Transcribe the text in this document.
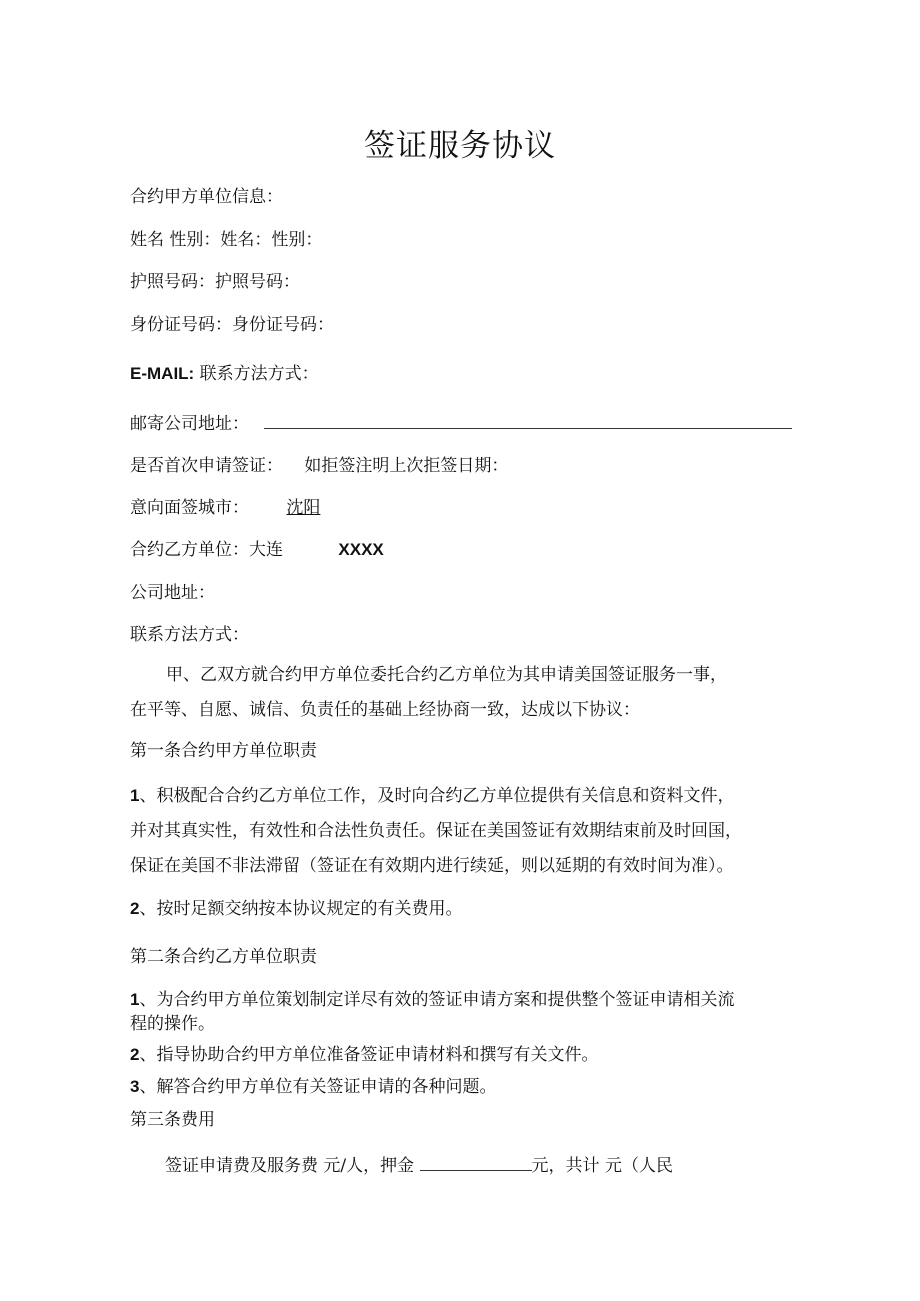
签证服务协议
合约甲方单位信息：
姓名 性别：姓名：性别：
护照号码：护照号码：
身份证号码：身份证号码：
E-MAIL: 联系方法方式：
邮寄公司地址：
是否首次申请签证： 如拒签注明上次拒签日期：
意向面签城市： 沈阳
合约乙方单位：大连	XXXX
公司地址：
联系方法方式：
甲、乙双方就合约甲方单位委托合约乙方单位为其申请美国签证服务一事，
在平等、自愿、诚信、负责任的基础上经协商一致，达成以下协议：
第一条合约甲方单位职责
1、积极配合合约乙方单位工作，及时向合约乙方单位提供有关信息和资料文件，
并对其真实性，有效性和合法性负责任。保证在美国签证有效期结束前及时回国，
保证在美国不非法滞留（签证在有效期内进行续延，则以延期的有效时间为准）。
2、按时足额交纳按本协议规定的有关费用。
第二条合约乙方单位职责
1、为合约甲方单位策划制定详尽有效的签证申请方案和提供整个签证申请相关流
程的操作。
2、指导协助合约甲方单位准备签证申请材料和撰写有关文件。
3、解答合约甲方单位有关签证申请的各种问题。
第三条费用
签证申请费及服务费 元/人，押金	元，共计 元（人民
